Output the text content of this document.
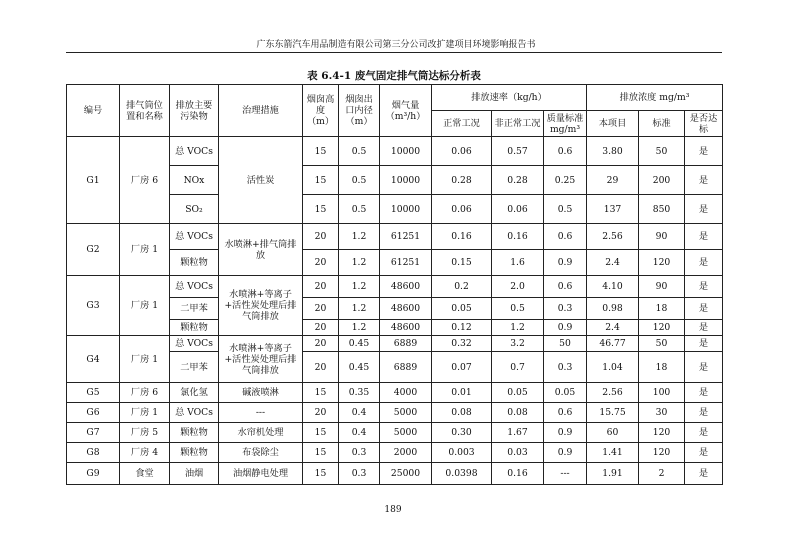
广东东箭汽车用品制造有限公司第三分公司改扩建项目环境影响报告书
表 6.4-1 废气固定排气筒达标分析表
编号	排气筒位置和名称	排放主要污染物	治理措施	烟囱高度（m）	烟囱出口内径（m）	烟气量（m³/h）	排放速率（kg/h）			排放浓度 mg/m³		
							正常工况	非正常工况	质量标准 mg/m³	本项目	标准	是否达标
G1	厂房 6	总 VOCs	活性炭	15	0.5	10000	0.06	0.57	0.6	3.80	50	是
		NOx		15	0.5	10000	0.28	0.28	0.25	29	200	是
		SO₂		15	0.5	10000	0.06	0.06	0.5	137	850	是
G2	厂房 1	总 VOCs	水喷淋+排气筒排放	20	1.2	61251	0.16	0.16	0.6	2.56	90	是
		颗粒物		20	1.2	61251	0.15	1.6	0.9	2.4	120	是
G3	厂房 1	总 VOCs	水喷淋+等离子+活性炭处理后排气筒排放	20	1.2	48600	0.2	2.0	0.6	4.10	90	是
		二甲苯		20	1.2	48600	0.05	0.5	0.3	0.98	18	是
		颗粒物		20	1.2	48600	0.12	1.2	0.9	2.4	120	是
G4	厂房 1	总 VOCs	水喷淋+等离子+活性炭处理后排气筒排放	20	0.45	6889	0.32	3.2	50	46.77	50	是
		二甲苯		20	0.45	6889	0.07	0.7	0.3	1.04	18	是
G5	厂房 6	氯化氢	碱液喷淋	15	0.35	4000	0.01	0.05	0.05	2.56	100	是
G6	厂房 1	总 VOCs	---	20	0.4	5000	0.08	0.08	0.6	15.75	30	是
G7	厂房 5	颗粒物	水帘机处理	15	0.4	5000	0.30	1.67	0.9	60	120	是
G8	厂房 4	颗粒物	布袋除尘	15	0.3	2000	0.003	0.03	0.9	1.41	120	是
G9	食堂	油烟	油烟静电处理	15	0.3	25000	0.0398	0.16	---	1.91	2	是
189
